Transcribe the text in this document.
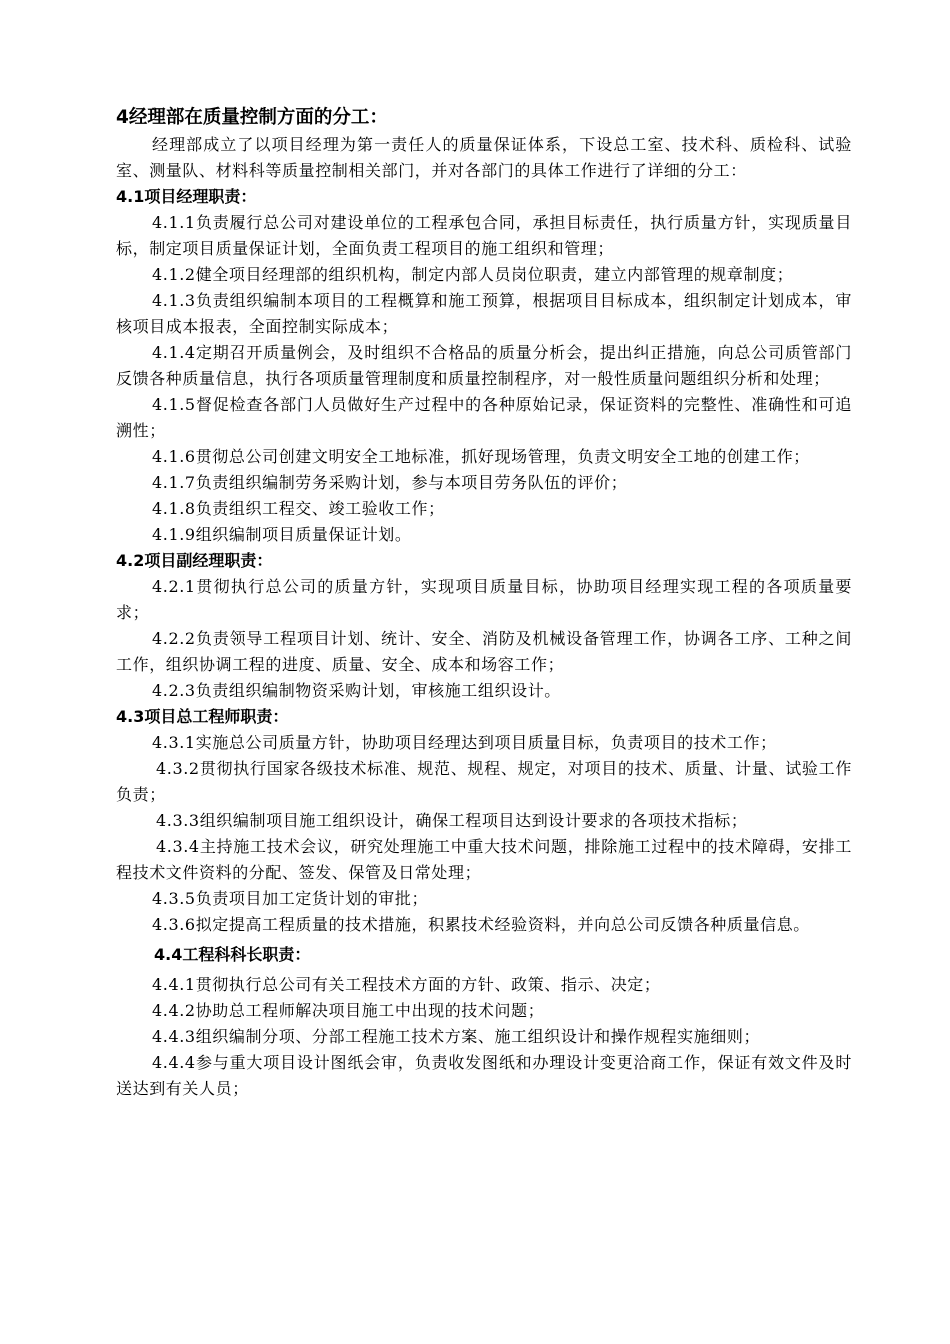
4经理部在质量控制方面的分工：

经理部成立了以项目经理为第一责任人的质量保证体系，下设总工室、技术科、质检科、试验室、测量队、材料科等质量控制相关部门，并对各部门的具体工作进行了详细的分工：

4.1项目经理职责：

4.1.1负责履行总公司对建设单位的工程承包合同，承担目标责任，执行质量方针，实现质量目标，制定项目质量保证计划，全面负责工程项目的施工组织和管理；

4.1.2健全项目经理部的组织机构，制定内部人员岗位职责，建立内部管理的规章制度；

4.1.3负责组织编制本项目的工程概算和施工预算，根据项目目标成本，组织制定计划成本，审核项目成本报表，全面控制实际成本；

4.1.4定期召开质量例会，及时组织不合格品的质量分析会，提出纠正措施，向总公司质管部门反馈各种质量信息，执行各项质量管理制度和质量控制程序，对一般性质量问题组织分析和处理；

4.1.5督促检查各部门人员做好生产过程中的各种原始记录，保证资料的完整性、准确性和可追溯性；

4.1.6贯彻总公司创建文明安全工地标准，抓好现场管理，负责文明安全工地的创建工作；

4.1.7负责组织编制劳务采购计划，参与本项目劳务队伍的评价；

4.1.8负责组织工程交、竣工验收工作；

4.1.9组织编制项目质量保证计划。

4.2项目副经理职责：

4.2.1贯彻执行总公司的质量方针，实现项目质量目标，协助项目经理实现工程的各项质量要求；

4.2.2负责领导工程项目计划、统计、安全、消防及机械设备管理工作，协调各工序、工种之间工作，组织协调工程的进度、质量、安全、成本和场容工作；

4.2.3负责组织编制物资采购计划，审核施工组织设计。

4.3项目总工程师职责：

4.3.1实施总公司质量方针，协助项目经理达到项目质量目标，负责项目的技术工作；

4.3.2贯彻执行国家各级技术标准、规范、规程、规定，对项目的技术、质量、计量、试验工作负责；

4.3.3组织编制项目施工组织设计，确保工程项目达到设计要求的各项技术指标；

4.3.4主持施工技术会议，研究处理施工中重大技术问题，排除施工过程中的技术障碍，安排工程技术文件资料的分配、签发、保管及日常处理；

4.3.5负责项目加工定货计划的审批；

4.3.6拟定提高工程质量的技术措施，积累技术经验资料，并向总公司反馈各种质量信息。

4.4工程科科长职责：

4.4.1贯彻执行总公司有关工程技术方面的方针、政策、指示、决定；

4.4.2协助总工程师解决项目施工中出现的技术问题；

4.4.3组织编制分项、分部工程施工技术方案、施工组织设计和操作规程实施细则；

4.4.4参与重大项目设计图纸会审，负责收发图纸和办理设计变更洽商工作，保证有效文件及时送达到有关人员；
